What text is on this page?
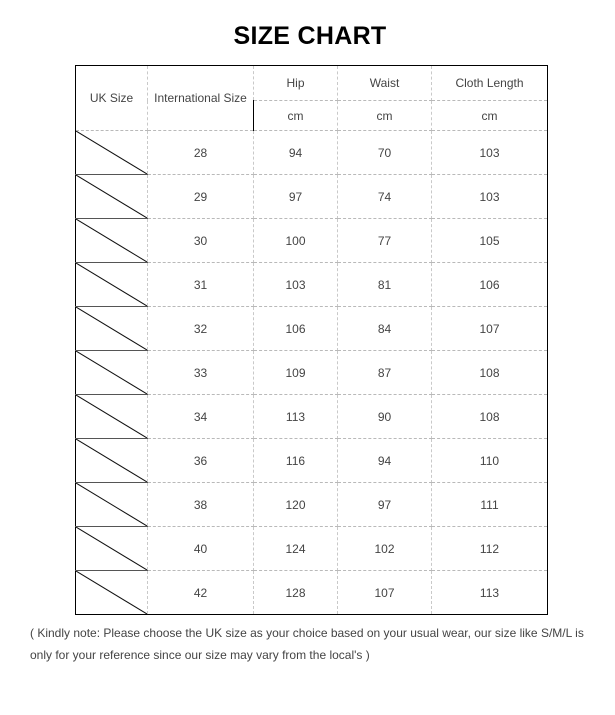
SIZE CHART
UK Size	International Size	Hip	Waist	Cloth Length
		cm	cm	cm

	28	94	70	103

	29	97	74	103

	30	100	77	105

	31	103	81	106

	32	106	84	107

	33	109	87	108

	34	113	90	108

	36	116	94	110

	38	120	97	111

	40	124	102	112

	42	128	107	113
( Kindly note: Please choose the UK size as your choice based on your usual wear, our size like S/M/L is only for your reference since our size may vary from the local's )
